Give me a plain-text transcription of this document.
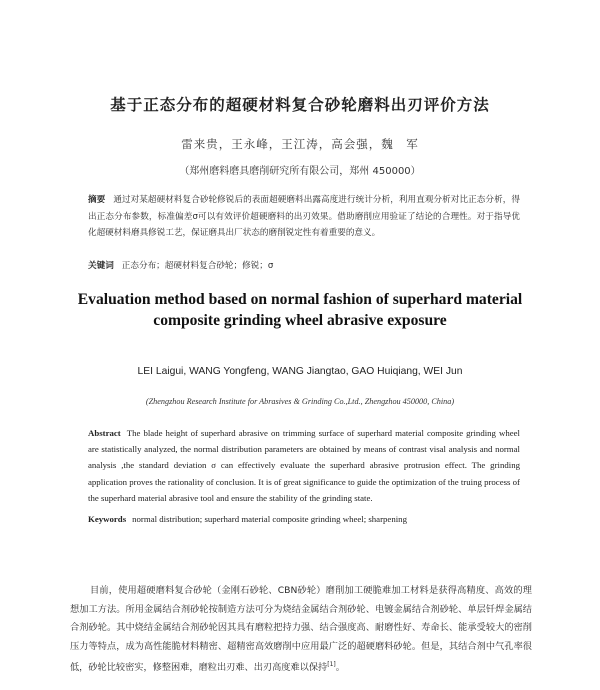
基于正态分布的超硬材料复合砂轮磨料出刃评价方法
雷来贵，王永峰，王江涛，高会强，魏　军
（郑州磨料磨具磨削研究所有限公司，郑州 450000）
摘要 通过对某超硬材料复合砂轮修锐后的表面超硬磨料出露高度进行统计分析，利用直观分析对比正态分析，得出正态分布参数，标准偏差σ可以有效评价超硬磨料的出刃效果。借助磨削应用验证了结论的合理性。对于指导优化超硬材料磨具修锐工艺，保证磨具出厂状态的磨削锐定性有着重要的意义。
关键词 正态分布；超硬材料复合砂轮；修锐；σ
Evaluation method based on normal fashion of superhard material composite grinding wheel abrasive exposure
LEI Laigui, WANG Yongfeng, WANG Jiangtao, GAO Huiqiang, WEI Jun
(Zhengzhou Research Institute for Abrasives & Grinding Co.,Ltd., Zhengzhou 450000, China)
Abstract The blade height of superhard abrasive on trimming surface of superhard material composite grinding wheel are statistically analyzed, the normal distribution parameters are obtained by means of contrast visal analysis and normal analysis ,the standard deviation σ can effectively evaluate the superhard abrasive protrusion effect. The grinding application proves the rationality of conclusion. It is of great significance to guide the optimization of the truing process of the superhard material abrasive tool and ensure the stability of the grinding state.
Keywords normal distribution; superhard material composite grinding wheel; sharpening
目前，使用超硬磨料复合砂轮（金刚石砂轮、CBN砂轮）磨削加工硬脆难加工材料是获得高精度、高效的理想加工方法。所用金属结合剂砂轮按制造方法可分为烧结金属结合剂砂轮、电镀金属结合剂砂轮、单层钎焊金属结合剂砂轮。其中烧结金属结合剂砂轮因其具有磨粒把持力强、结合强度高、耐磨性好、寿命长、能承受较大的密削压力等特点，成为高性能脆材料精密、超精密高效磨削中应用最广泛的超硬磨料砂轮。但是，其结合剂中气孔率很低，砂轮比较密实，修整困难，磨粒出刃难、出刃高度难以保持[1]。
